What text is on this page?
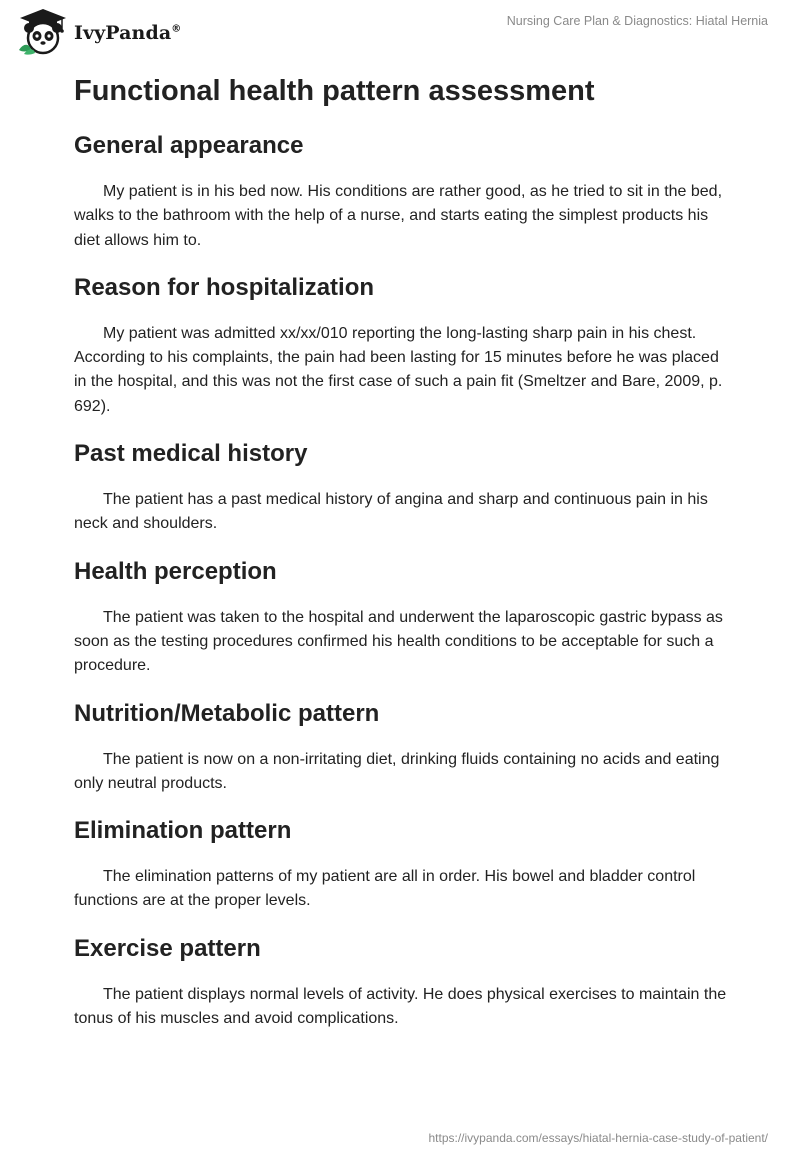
IvyPanda®
Nursing Care Plan & Diagnostics: Hiatal Hernia
Functional health pattern assessment
General appearance

My patient is in his bed now. His conditions are rather good, as he tried to sit in the bed, walks to the bathroom with the help of a nurse, and starts eating the simplest products his diet allows him to.

Reason for hospitalization

My patient was admitted xx/xx/010 reporting the long-lasting sharp pain in his chest. According to his complaints, the pain had been lasting for 15 minutes before he was placed in the hospital, and this was not the first case of such a pain fit (Smeltzer and Bare, 2009, p. 692).

Past medical history

The patient has a past medical history of angina and sharp and continuous pain in his neck and shoulders.

Health perception

The patient was taken to the hospital and underwent the laparoscopic gastric bypass as soon as the testing procedures confirmed his health conditions to be acceptable for such a procedure.

Nutrition/Metabolic pattern

The patient is now on a non-irritating diet, drinking fluids containing no acids and eating only neutral products.

Elimination pattern

The elimination patterns of my patient are all in order. His bowel and bladder control functions are at the proper levels.

Exercise pattern

The patient displays normal levels of activity. He does physical exercises to maintain the tonus of his muscles and avoid complications.

https://ivypanda.com/essays/hiatal-hernia-case-study-of-patient/
